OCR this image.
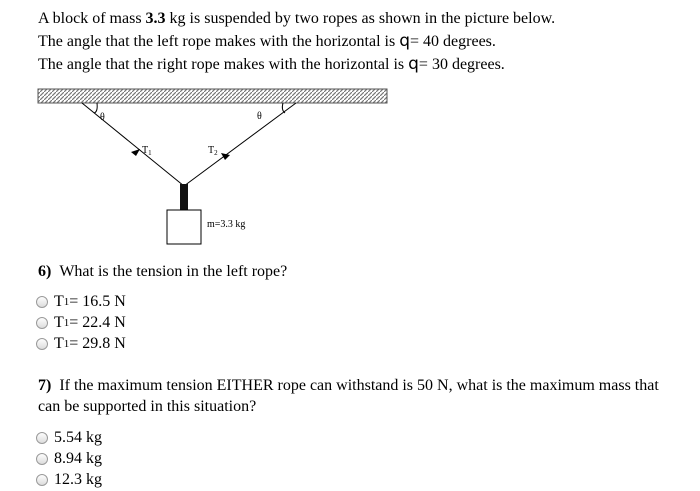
A block of mass 3.3 kg is suspended by two ropes as shown in the picture below.

The angle that the left rope makes with the horizontal is q= 40 degrees.

The angle that the right rope makes with the horizontal is q= 30 degrees.

θ	θ
$T_1$	$T_2$
m=3.3 kg
6) What is the tension in the left rope?
T 1 = 16.5 N
T 1 = 22.4 N
T 1 = 29.8 N
7) If the maximum tension EITHER rope can withstand is 50 N, what is the maximum mass that
can be supported in this situation?
5.54 kg
8.94 kg
12.3 kg
